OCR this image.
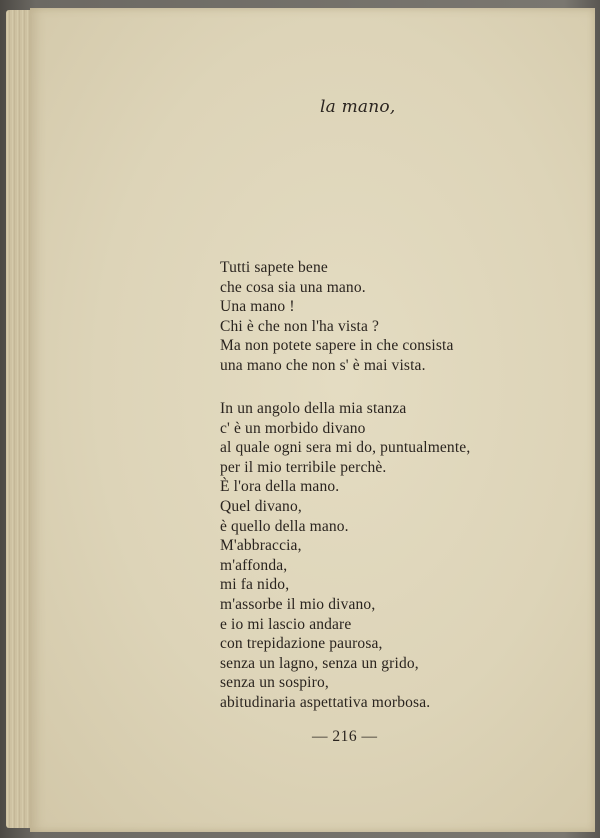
la mano,
Tutti sapete bene
che cosa sia una mano.
Una mano !
Chi è che non l'ha vista ?
Ma non potete sapere in che consista
una mano che non s' è mai vista.
In un angolo della mia stanza
c' è un morbido divano
al quale ogni sera mi do, puntualmente,
per il mio terribile perchè.
È l'ora della mano.
Quel divano,
è quello della mano.
M'abbraccia,
m'affonda,
mi fa nido,
m'assorbe il mio divano,
e io mi lascio andare
con trepidazione paurosa,
senza un lagno, senza un grido,
senza un sospiro,
abitudinaria aspettativa morbosa.
— 216 —
